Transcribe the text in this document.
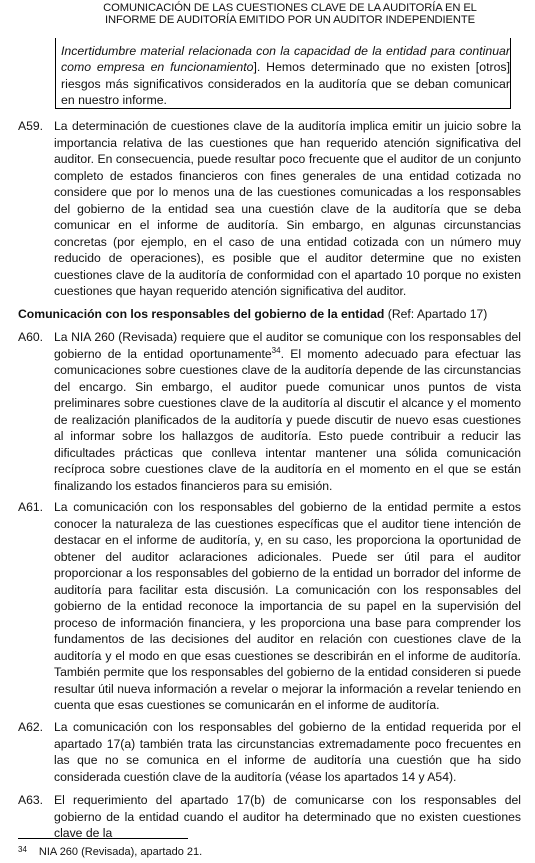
COMUNICACIÓN DE LAS CUESTIONES CLAVE DE LA AUDITORÍA EN EL
INFORME DE AUDITORÍA EMITIDO POR UN AUDITOR INDEPENDIENTE
Incertidumbre material relacionada con la capacidad de la entidad para continuar como empresa en funcionamiento]. Hemos determinado que no existen [otros] riesgos más significativos considerados en la auditoría que se deban comunicar en nuestro informe.
A59. La determinación de cuestiones clave de la auditoría implica emitir un juicio sobre la importancia relativa de las cuestiones que han requerido atención significativa del auditor. En consecuencia, puede resultar poco frecuente que el auditor de un conjunto completo de estados financieros con fines generales de una entidad cotizada no considere que por lo menos una de las cuestiones comunicadas a los responsables del gobierno de la entidad sea una cuestión clave de la auditoría que se deba comunicar en el informe de auditoría. Sin embargo, en algunas circunstancias concretas (por ejemplo, en el caso de una entidad cotizada con un número muy reducido de operaciones), es posible que el auditor determine que no existen cuestiones clave de la auditoría de conformidad con el apartado 10 porque no existen cuestiones que hayan requerido atención significativa del auditor.
Comunicación con los responsables del gobierno de la entidad (Ref: Apartado 17)
A60. La NIA 260 (Revisada) requiere que el auditor se comunique con los responsables del gobierno de la entidad oportunamente$^{34}$. El momento adecuado para efectuar las comunicaciones sobre cuestiones clave de la auditoría depende de las circunstancias del encargo. Sin embargo, el auditor puede comunicar unos puntos de vista preliminares sobre cuestiones clave de la auditoría al discutir el alcance y el momento de realización planificados de la auditoría y puede discutir de nuevo esas cuestiones al informar sobre los hallazgos de auditoría. Esto puede contribuir a reducir las dificultades prácticas que conlleva intentar mantener una sólida comunicación recíproca sobre cuestiones clave de la auditoría en el momento en el que se están finalizando los estados financieros para su emisión.
A61. La comunicación con los responsables del gobierno de la entidad permite a estos conocer la naturaleza de las cuestiones específicas que el auditor tiene intención de destacar en el informe de auditoría, y, en su caso, les proporciona la oportunidad de obtener del auditor aclaraciones adicionales. Puede ser útil para el auditor proporcionar a los responsables del gobierno de la entidad un borrador del informe de auditoría para facilitar esta discusión. La comunicación con los responsables del gobierno de la entidad reconoce la importancia de su papel en la supervisión del proceso de información financiera, y les proporciona una base para comprender los fundamentos de las decisiones del auditor en relación con cuestiones clave de la auditoría y el modo en que esas cuestiones se describirán en el informe de auditoría. También permite que los responsables del gobierno de la entidad consideren si puede resultar útil nueva información a revelar o mejorar la información a revelar teniendo en cuenta que esas cuestiones se comunicarán en el informe de auditoría.
A62. La comunicación con los responsables del gobierno de la entidad requerida por el apartado 17(a) también trata las circunstancias extremadamente poco frecuentes en las que no se comunica en el informe de auditoría una cuestión que ha sido considerada cuestión clave de la auditoría (véase los apartados 14 y A54).
A63. El requerimiento del apartado 17(b) de comunicarse con los responsables del gobierno de la entidad cuando el auditor ha determinado que no existen cuestiones clave de la
$^{34}$ NIA 260 (Revisada), apartado 21.
